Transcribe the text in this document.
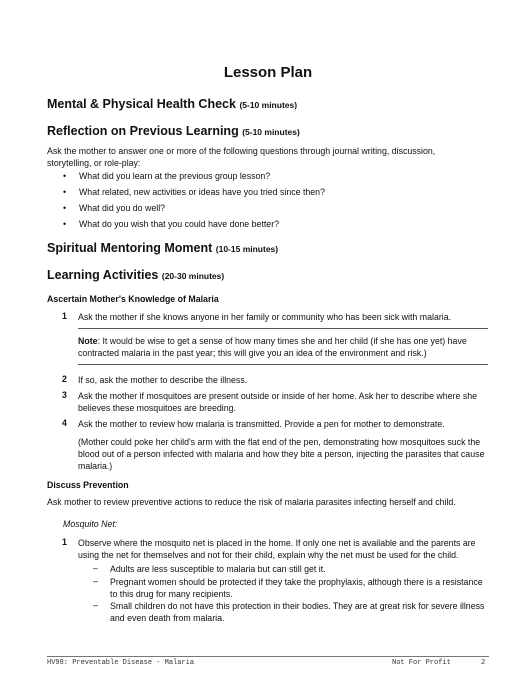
Lesson Plan
Mental & Physical Health Check (5-10 minutes)
Reflection on Previous Learning (5-10 minutes)
Ask the mother to answer one or more of the following questions through journal writing, discussion, storytelling, or role-play:
• What did you learn at the previous group lesson?
• What related, new activities or ideas have you tried since then?
• What did you do well?
• What do you wish that you could have done better?
Spiritual Mentoring Moment (10-15 minutes)
Learning Activities (20-30 minutes)
Ascertain Mother's Knowledge of Malaria
1 Ask the mother if she knows anyone in her family or community who has been sick with malaria.
Note: It would be wise to get a sense of how many times she and her child (if she has one yet) have contracted malaria in the past year; this will give you an idea of the environment and risk.)
2 If so, ask the mother to describe the illness.
3 Ask the mother if mosquitoes are present outside or inside of her home. Ask her to describe where she believes these mosquitoes are breeding.
4 Ask the mother to review how malaria is transmitted. Provide a pen for mother to demonstrate.
(Mother could poke her child's arm with the flat end of the pen, demonstrating how mosquitoes suck the blood out of a person infected with malaria and how they bite a person, injecting the parasites that cause malaria.)
Discuss Prevention
Ask mother to review preventive actions to reduce the risk of malaria parasites infecting herself and child.
Mosquito Net:
1 Observe where the mosquito net is placed in the home. If only one net is available and the parents are using the net for themselves and not for their child, explain why the net must be used for the child.
– Adults are less susceptible to malaria but can still get it.
– Pregnant women should be protected if they take the prophylaxis, although there is a resistance to this drug for many recipients.
– Small children do not have this protection in their bodies. They are at great risk for severe illness and even death from malaria.
HV98: Preventable Disease - Malaria	Not For Profit	2
